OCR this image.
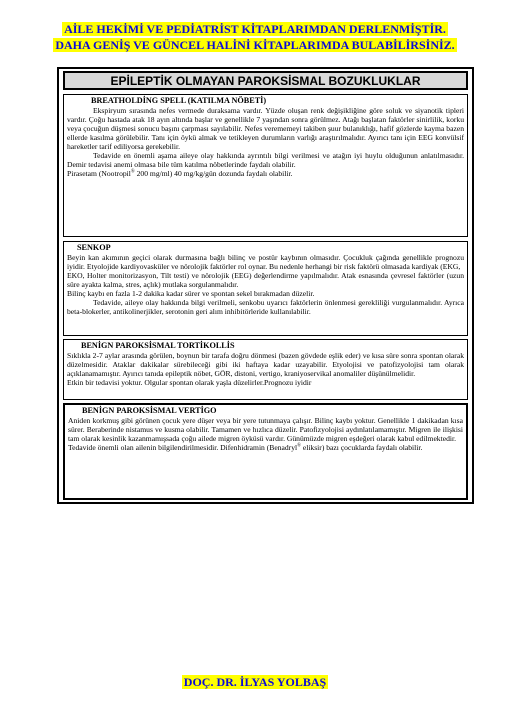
AİLE HEKİMİ VE PEDİATRİST KİTAPLARIMDAN DERLENMİŞTİR.
DAHA GENİŞ VE GÜNCEL HALİNİ KİTAPLARIMDA BULABİLİRSİNİZ.
EPİLEPTİK OLMAYAN PAROKSİSMAL BOZUKLUKLAR
BREATHOLDİNG SPELL (KATILMA NÖBETİ)

Ekspiryum sırasında nefes vermede duraksama vardır. Yüzde oluşan renk değişikliğine göre soluk ve siyanotik tipleri vardır. Çoğu hastada atak 18 ayın altında başlar ve genellikle 7 yaşından sonra görülmez. Atağı başlatan faktörler sinirlilik, korku veya çocuğun düşmesi sonucu başını çarpması sayılabilir. Nefes verememeyi takiben şuur bulanıklığı, hafif gözlerde kayma bazen ellerde kasılma görülebilir. Tanı için öykü almak ve tetikleyen durumların varlığı araştırılmalıdır. Ayırıcı tanı için EEG konvülsif hareketler tarif ediliyorsa gerekebilir.

Tedavide en önemli aşama aileye olay hakkında ayrıntılı bilgi verilmesi ve atağın iyi huylu olduğunun anlatılmasıdır. Demir tedavisi anemi olmasa bile tüm katılma nöbetlerinde faydalı olabilir.

Pirasetam (Nootropil® 200 mg/ml) 40 mg/kg/gün dozunda faydalı olabilir.

SENKOP

Beyin kan akımının geçici olarak durmasına bağlı bilinç ve postür kaybının olmasıdır. Çocukluk çağında genellikle prognozu iyidir. Etyolojide kardiyovasküler ve nörolojik faktörler rol oynar. Bu nedenle herhangi bir risk faktörü olmasada kardiyak (EKG,

EKO, Holter monitorizasyon, Tilt testi) ve nörolojik (EEG) değerlendirme yapılmalıdır. Atak esnasında çevresel faktörler (uzun süre ayakta kalma, stres, açlık) mutlaka sorgulanmalıdır.

Bilinç kaybı en fazla 1-2 dakika kadar sürer ve spontan sekel bırakmadan düzelir.

Tedavide, aileye olay hakkında bilgi verilmeli, senkobu uyarıcı faktörlerin önlenmesi gerekliliği vurgulanmalıdır. Ayrıca beta-blokerler, antikolinerjikler, serotonin geri alım inhibitörleride kullanılabilir.

BENİGN PAROKSİSMAL TORTİKOLLİS

Sıklıkla 2-7 aylar arasında görülen, boynun bir tarafa doğru dönmesi (bazen gövdede eşlik eder) ve kısa süre sonra spontan olarak düzelmesidir. Ataklar dakikalar sürebileceği gibi iki haftaya kadar uzayabilir. Etyolojisi ve patofizyolojisi tam olarak açıklanamamıştır. Ayırıcı tanıda epileptik nöbet, GÖR, distoni, vertigo, kraniyoservikal anomaliler düşünülmelidir.

Etkin bir tedavisi yoktur. Olgular spontan olarak yaşla düzelirler.Prognozu iyidir

BENİGN PAROKSİSMAL VERTİGO

Aniden korkmuş gibi görünen çocuk yere düşer veya bir yere tutunmaya çalışır. Bilinç kaybı yoktur. Genellikle 1 dakikadan kısa sürer. Beraberinde nistamus ve kusma olabilir. Tamamen ve hızlıca düzelir. Patofizyolojisi aydınlatılamamıştır. Migren ile ilişkisi tam olarak kesinlik kazanmamışsada çoğu ailede migren öyküsü vardır. Günümüzde migren eşdeğeri olarak kabul edilmektedir.

Tedavide önemli olan ailenin bilgilendirilmesidir. Difenhidramin (Benadryl® eliksir) bazı çocuklarda faydalı olabilir.

DOÇ. DR. İLYAS YOLBAŞ
